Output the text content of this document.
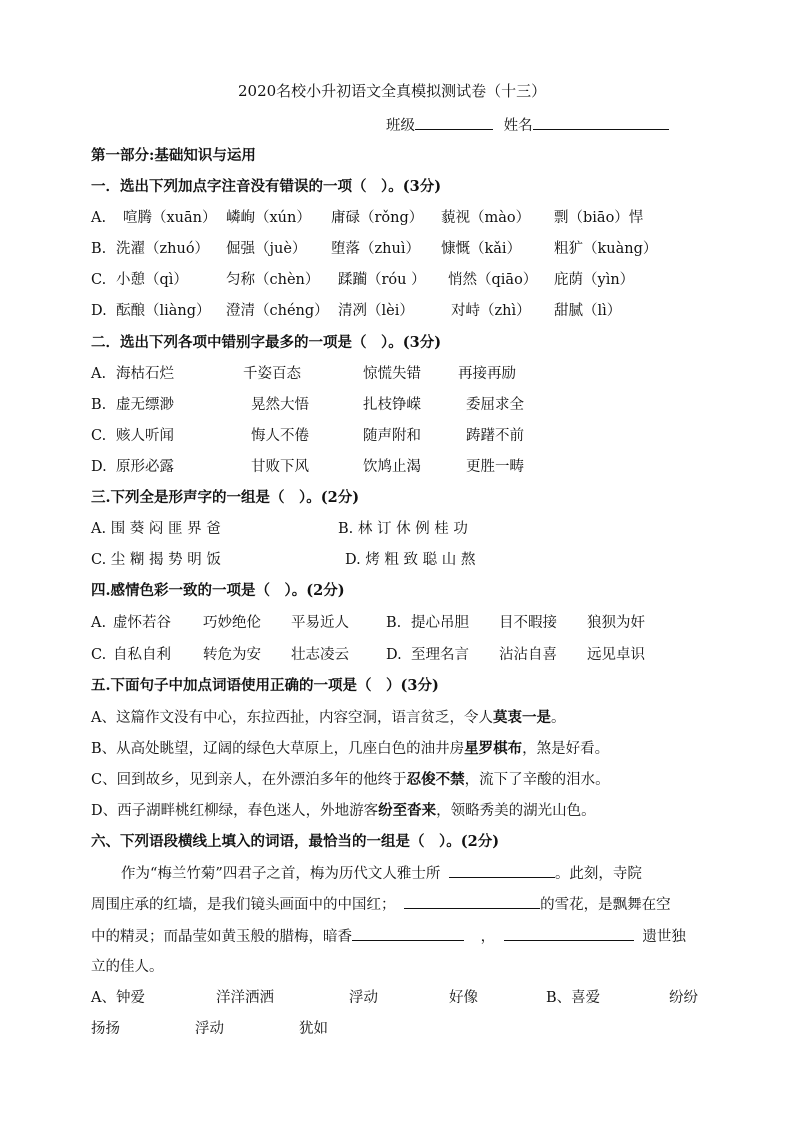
2020名校小升初语文全真模拟测试卷（十三）
班级	姓名
第一部分:基础知识与运用
一．选出下列加点字注音没有错误的一项（　）。(3分)
A. 喧腾（xuān） 嶙峋（xún） 庸碌（rǒng） 藐视（mào） 剽（biāo）悍
B. 洗濯（zhuó） 倔强（juè） 堕落（zhuì） 慷慨（kǎi） 粗犷（kuàng）
C. 小憩（qì）	匀称（chèn） 蹂躏（róu ） 悄然（qiāo） 庇荫（yìn）
D. 酝酿（liàng） 澄清（chéng） 清冽（lèi）	对峙（zhì） 甜腻（lì）
二．选出下列各项中错别字最多的一项是（　）。(3分)
A. 海枯石烂	千姿百态	惊慌失错	再接再励
B. 虚无缥渺	晃然大悟	扎枝铮嵘	委屈求全
C. 赅人听闻	悔人不倦	随声附和	踌躇不前
D. 原形必露	甘败下风	饮鸠止渴	更胜一畴
三.下列全是形声字的一组是（　）。(2分)
A. 围 葵 闷 匪 界 爸	B. 林 订 休 例 桂 功
C. 尘 糊 揭 势 明 饭	D. 烤 粗 致 聪 山 熬
四.感情色彩一致的一项是（　）。(2分)
A. 虚怀若谷 巧妙绝伦 平易近人	B. 提心吊胆 目不暇接 狼狈为奸
C. 自私自利 转危为安 壮志凌云	D. 至理名言 沾沾自喜 远见卓识
五.下面句子中加点词语使用正确的一项是（　）(3分)
A、这篇作文没有中心，东拉西扯，内容空洞，语言贫乏，令人莫衷一是。
B、从高处眺望，辽阔的绿色大草原上，几座白色的油井房星罗棋布，煞是好看。
C、回到故乡，见到亲人，在外漂泊多年的他终于忍俊不禁，流下了辛酸的泪水。
D、西子湖畔桃红柳绿，春色迷人，外地游客纷至沓来，领略秀美的湖光山色。
六、下列语段横线上填入的词语，最恰当的一组是（　）。(2分)
作为“梅兰竹菊”四君子之首，梅为历代文人雅士所	。此刻，寺院
周围庄承的红墙，是我们镜头画面中的中国红；	的雪花，是飘舞在空
中的精灵；而晶莹如黄玉般的腊梅，暗香	，	遗世独
立的佳人。
A、钟爱	洋洋洒洒	浮动	好像	B、喜爱	纷纷
扬扬	浮动	犹如
